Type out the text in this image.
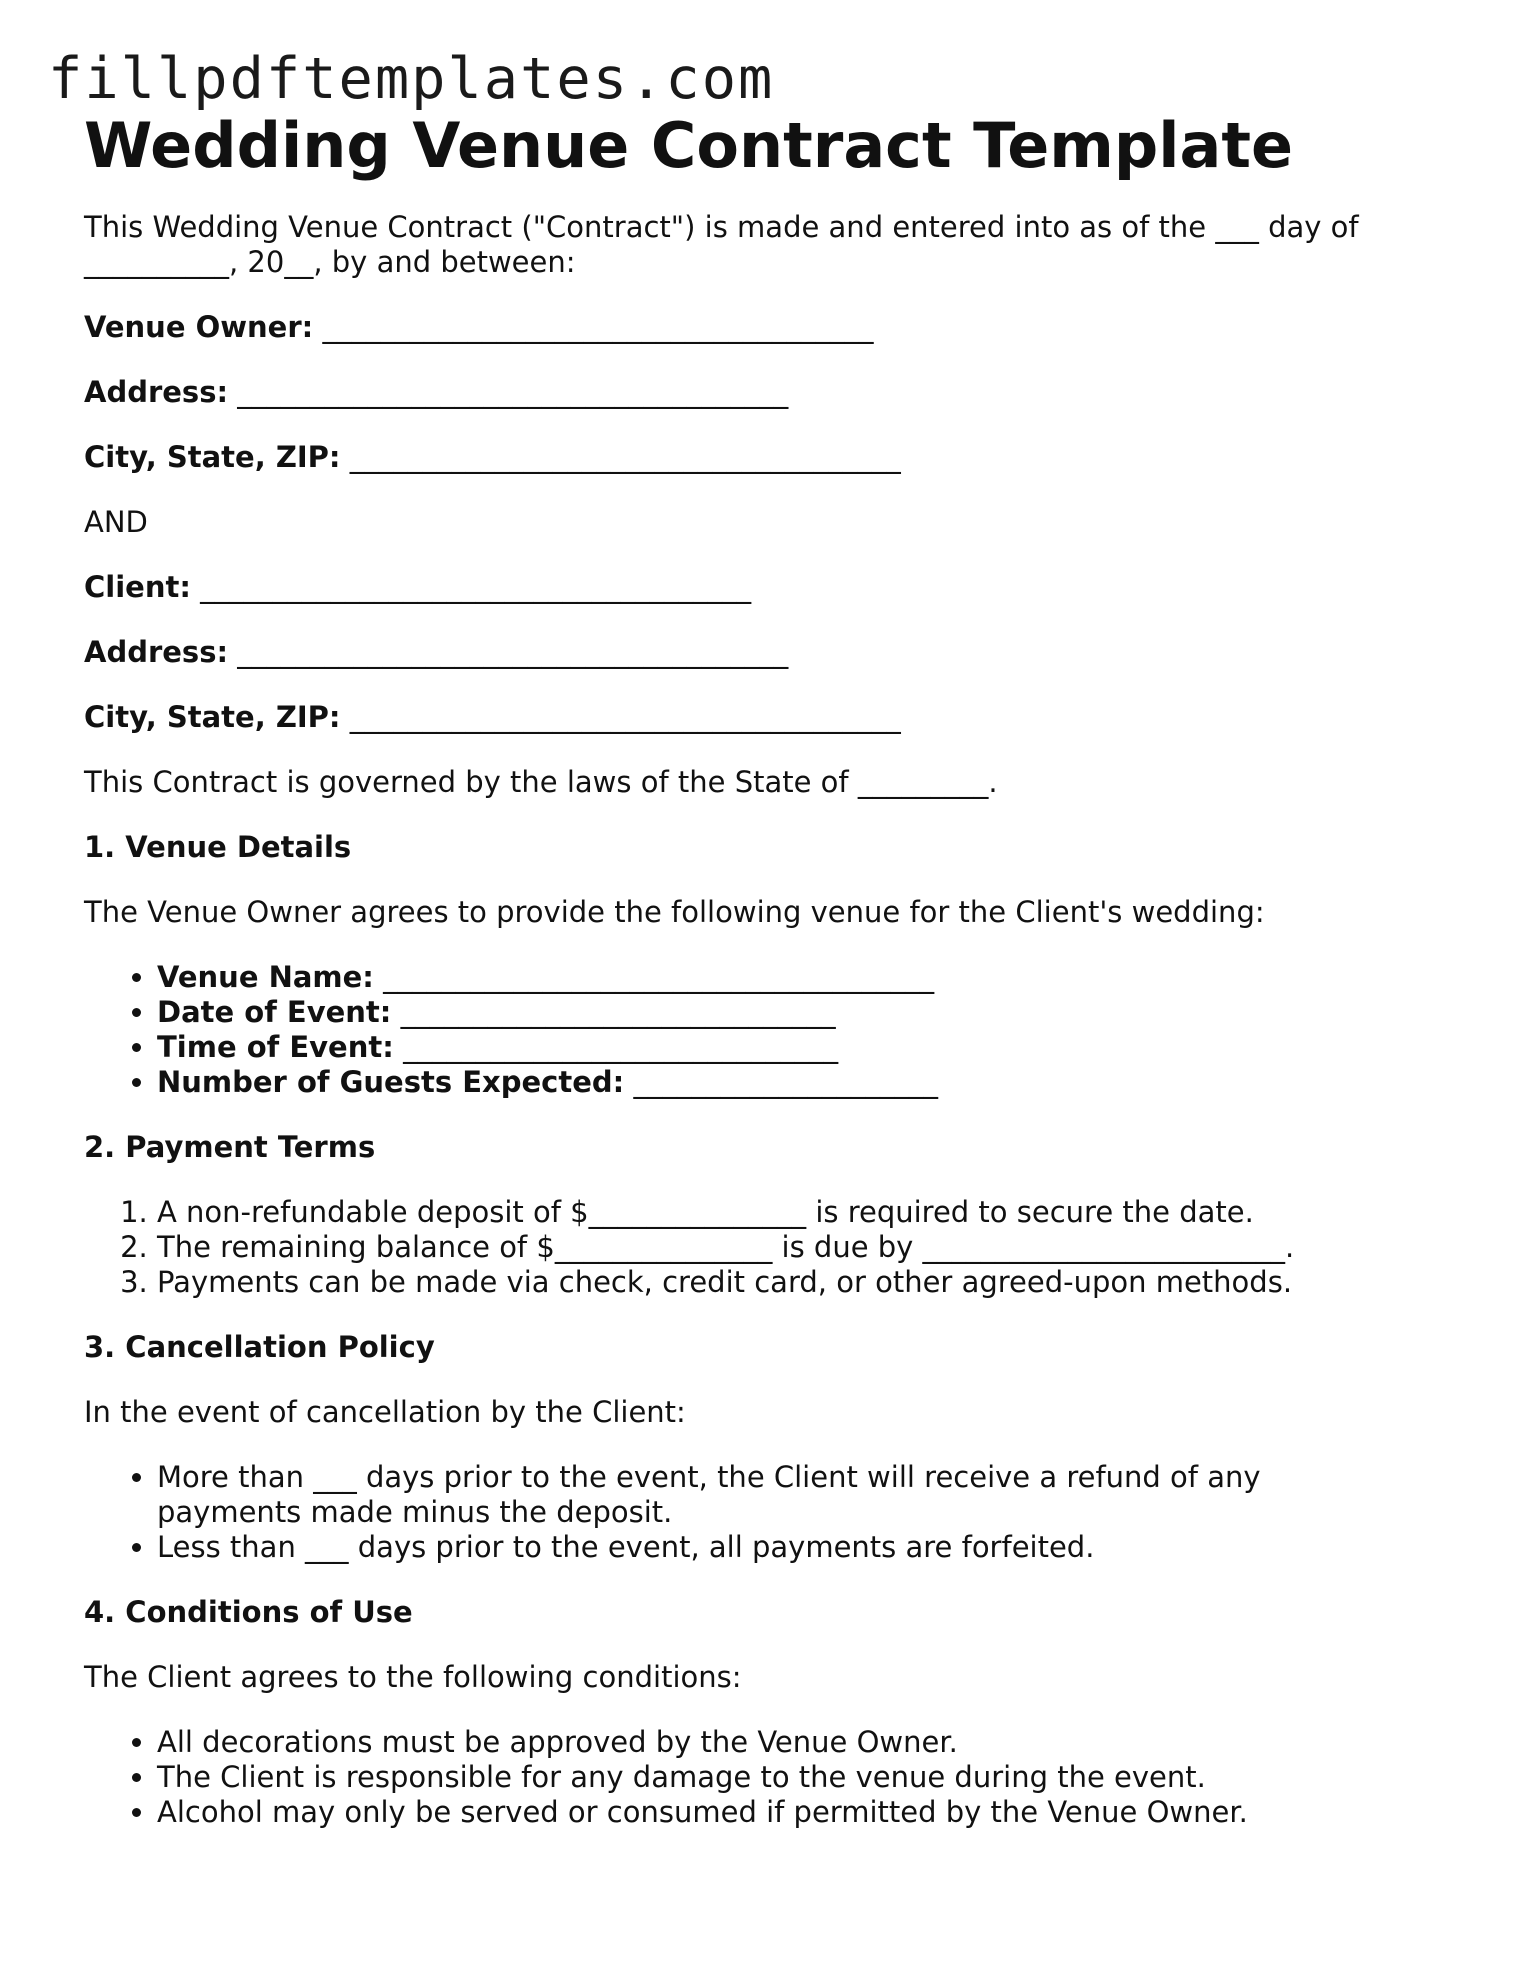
fillpdftemplates.com
Wedding Venue Contract Template

This Wedding Venue Contract ("Contract") is made and entered into as of the ___ day of __________, 20__, by and between:

Venue Owner: ______________________________________
Address: ______________________________________
City, State, ZIP: ______________________________________

AND

Client: ______________________________________
Address: ______________________________________
City, State, ZIP: ______________________________________

This Contract is governed by the laws of the State of _________.

1. Venue Details

The Venue Owner agrees to provide the following venue for the Client's wedding:

• Venue Name: ______________________________________
• Date of Event: ______________________________
• Time of Event: ______________________________
• Number of Guests Expected: _____________________
2. Payment Terms
1. A non-refundable deposit of $_______________ is required to secure the date.
2. The remaining balance of $_______________ is due by _________________________.
3. Payments can be made via check, credit card, or other agreed-upon methods.
3. Cancellation Policy

In the event of cancellation by the Client:

• More than ___ days prior to the event, the Client will receive a refund of any payments made minus the deposit.
• Less than ___ days prior to the event, all payments are forfeited.
4. Conditions of Use

The Client agrees to the following conditions:

• All decorations must be approved by the Venue Owner.
• The Client is responsible for any damage to the venue during the event.
• Alcohol may only be served or consumed if permitted by the Venue Owner.
